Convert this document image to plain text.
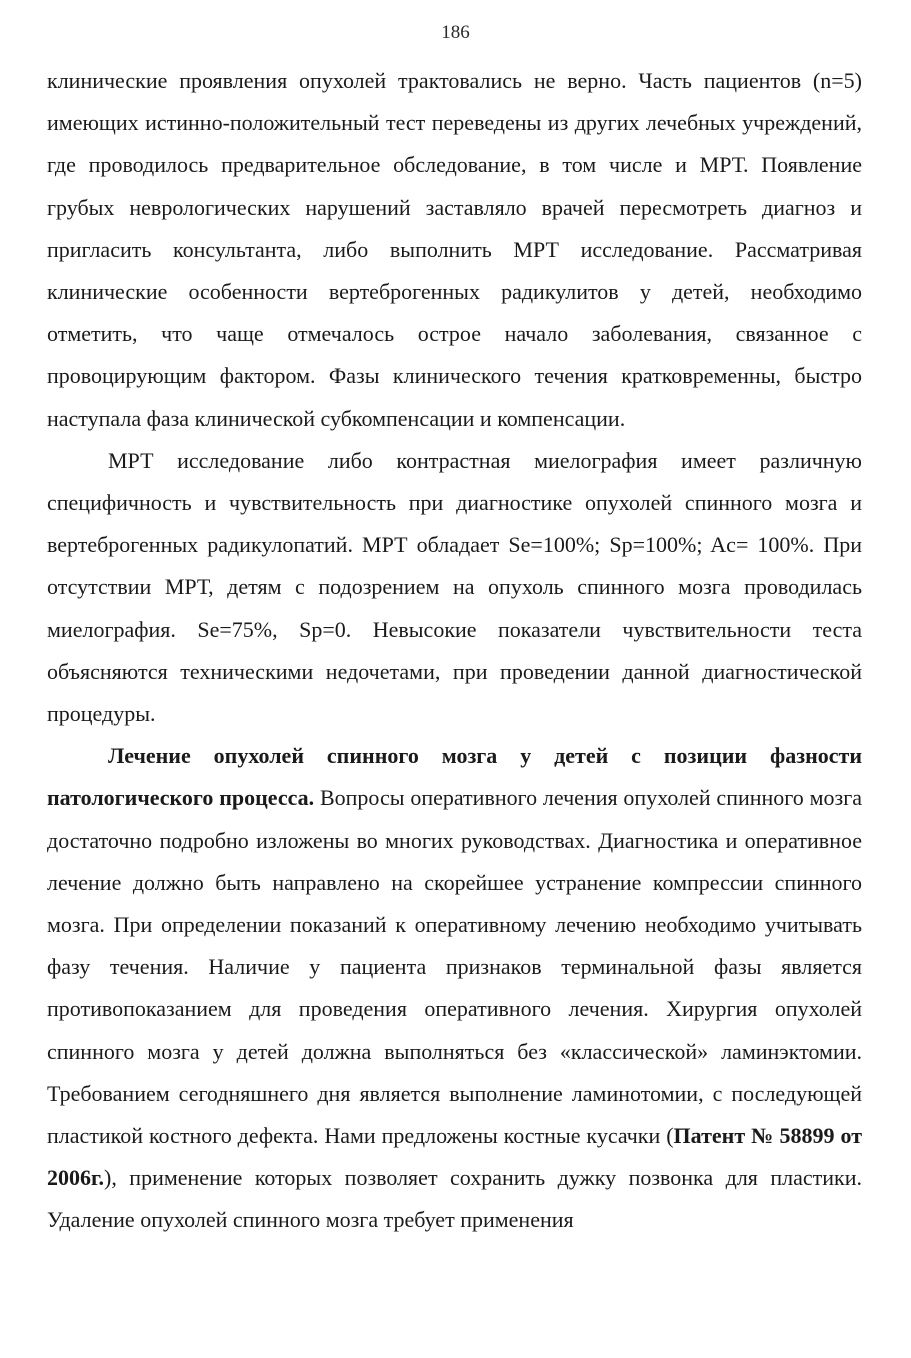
186

клинические проявления опухолей трактовались не верно. Часть пациентов (n=5) имеющих истинно-положительный тест переведены из других лечебных учреждений, где проводилось предварительное обследование, в том числе и МРТ. Появление грубых неврологических нарушений заставляло врачей пересмотреть диагноз и пригласить консультанта, либо выполнить МРТ исследование. Рассматривая клинические особенности вертеброгенных радикулитов у детей, необходимо отметить, что чаще отмечалось острое начало заболевания, связанное с провоцирующим фактором. Фазы клинического течения кратковременны, быстро наступала фаза клинической субкомпенсации и компенсации.

МРТ исследование либо контрастная миелография имеет различную специфичность и чувствительность при диагностике опухолей спинного мозга и вертеброгенных радикулопатий. МРТ обладает Se=100%; Sp=100%; Ac= 100%. При отсутствии МРТ, детям с подозрением на опухоль спинного мозга проводилась миелография. Se=75%, Sp=0. Невысокие показатели чувствительности теста объясняются техническими недочетами, при проведении данной диагностической процедуры.

Лечение опухолей спинного мозга у детей с позиции фазности патологического процесса. Вопросы оперативного лечения опухолей спинного мозга достаточно подробно изложены во многих руководствах. Диагностика и оперативное лечение должно быть направлено на скорейшее устранение компрессии спинного мозга. При определении показаний к оперативному лечению необходимо учитывать фазу течения. Наличие у пациента признаков терминальной фазы является противопоказанием для проведения оперативного лечения. Хирургия опухолей спинного мозга у детей должна выполняться без «классической» ламинэктомии. Требованием сегодняшнего дня является выполнение ламинотомии, с последующей пластикой костного дефекта. Нами предложены костные кусачки (Патент № 58899 от 2006г.), применение которых позволяет сохранить дужку позвонка для пластики. Удаление опухолей спинного мозга требует применения
